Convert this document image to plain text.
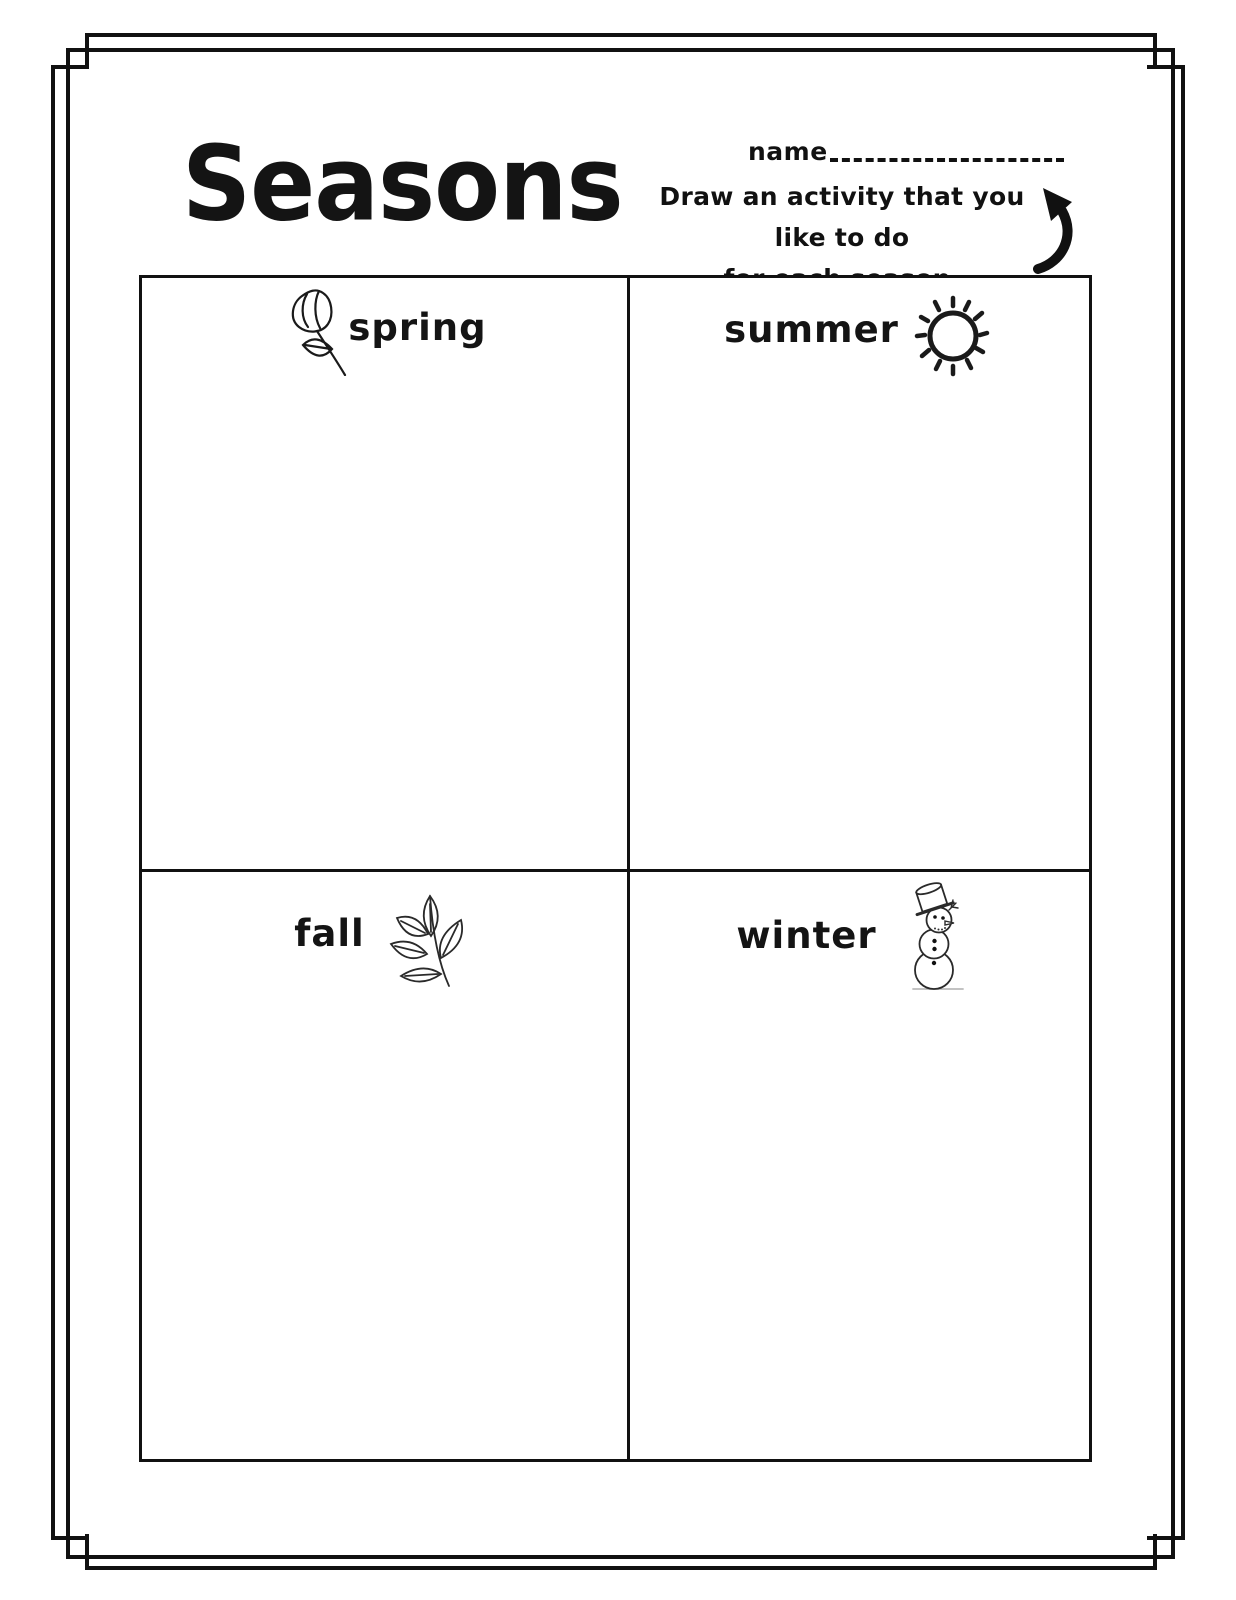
Seasons	name
Draw an activity that you like to do
spring	summer
fall	winter
